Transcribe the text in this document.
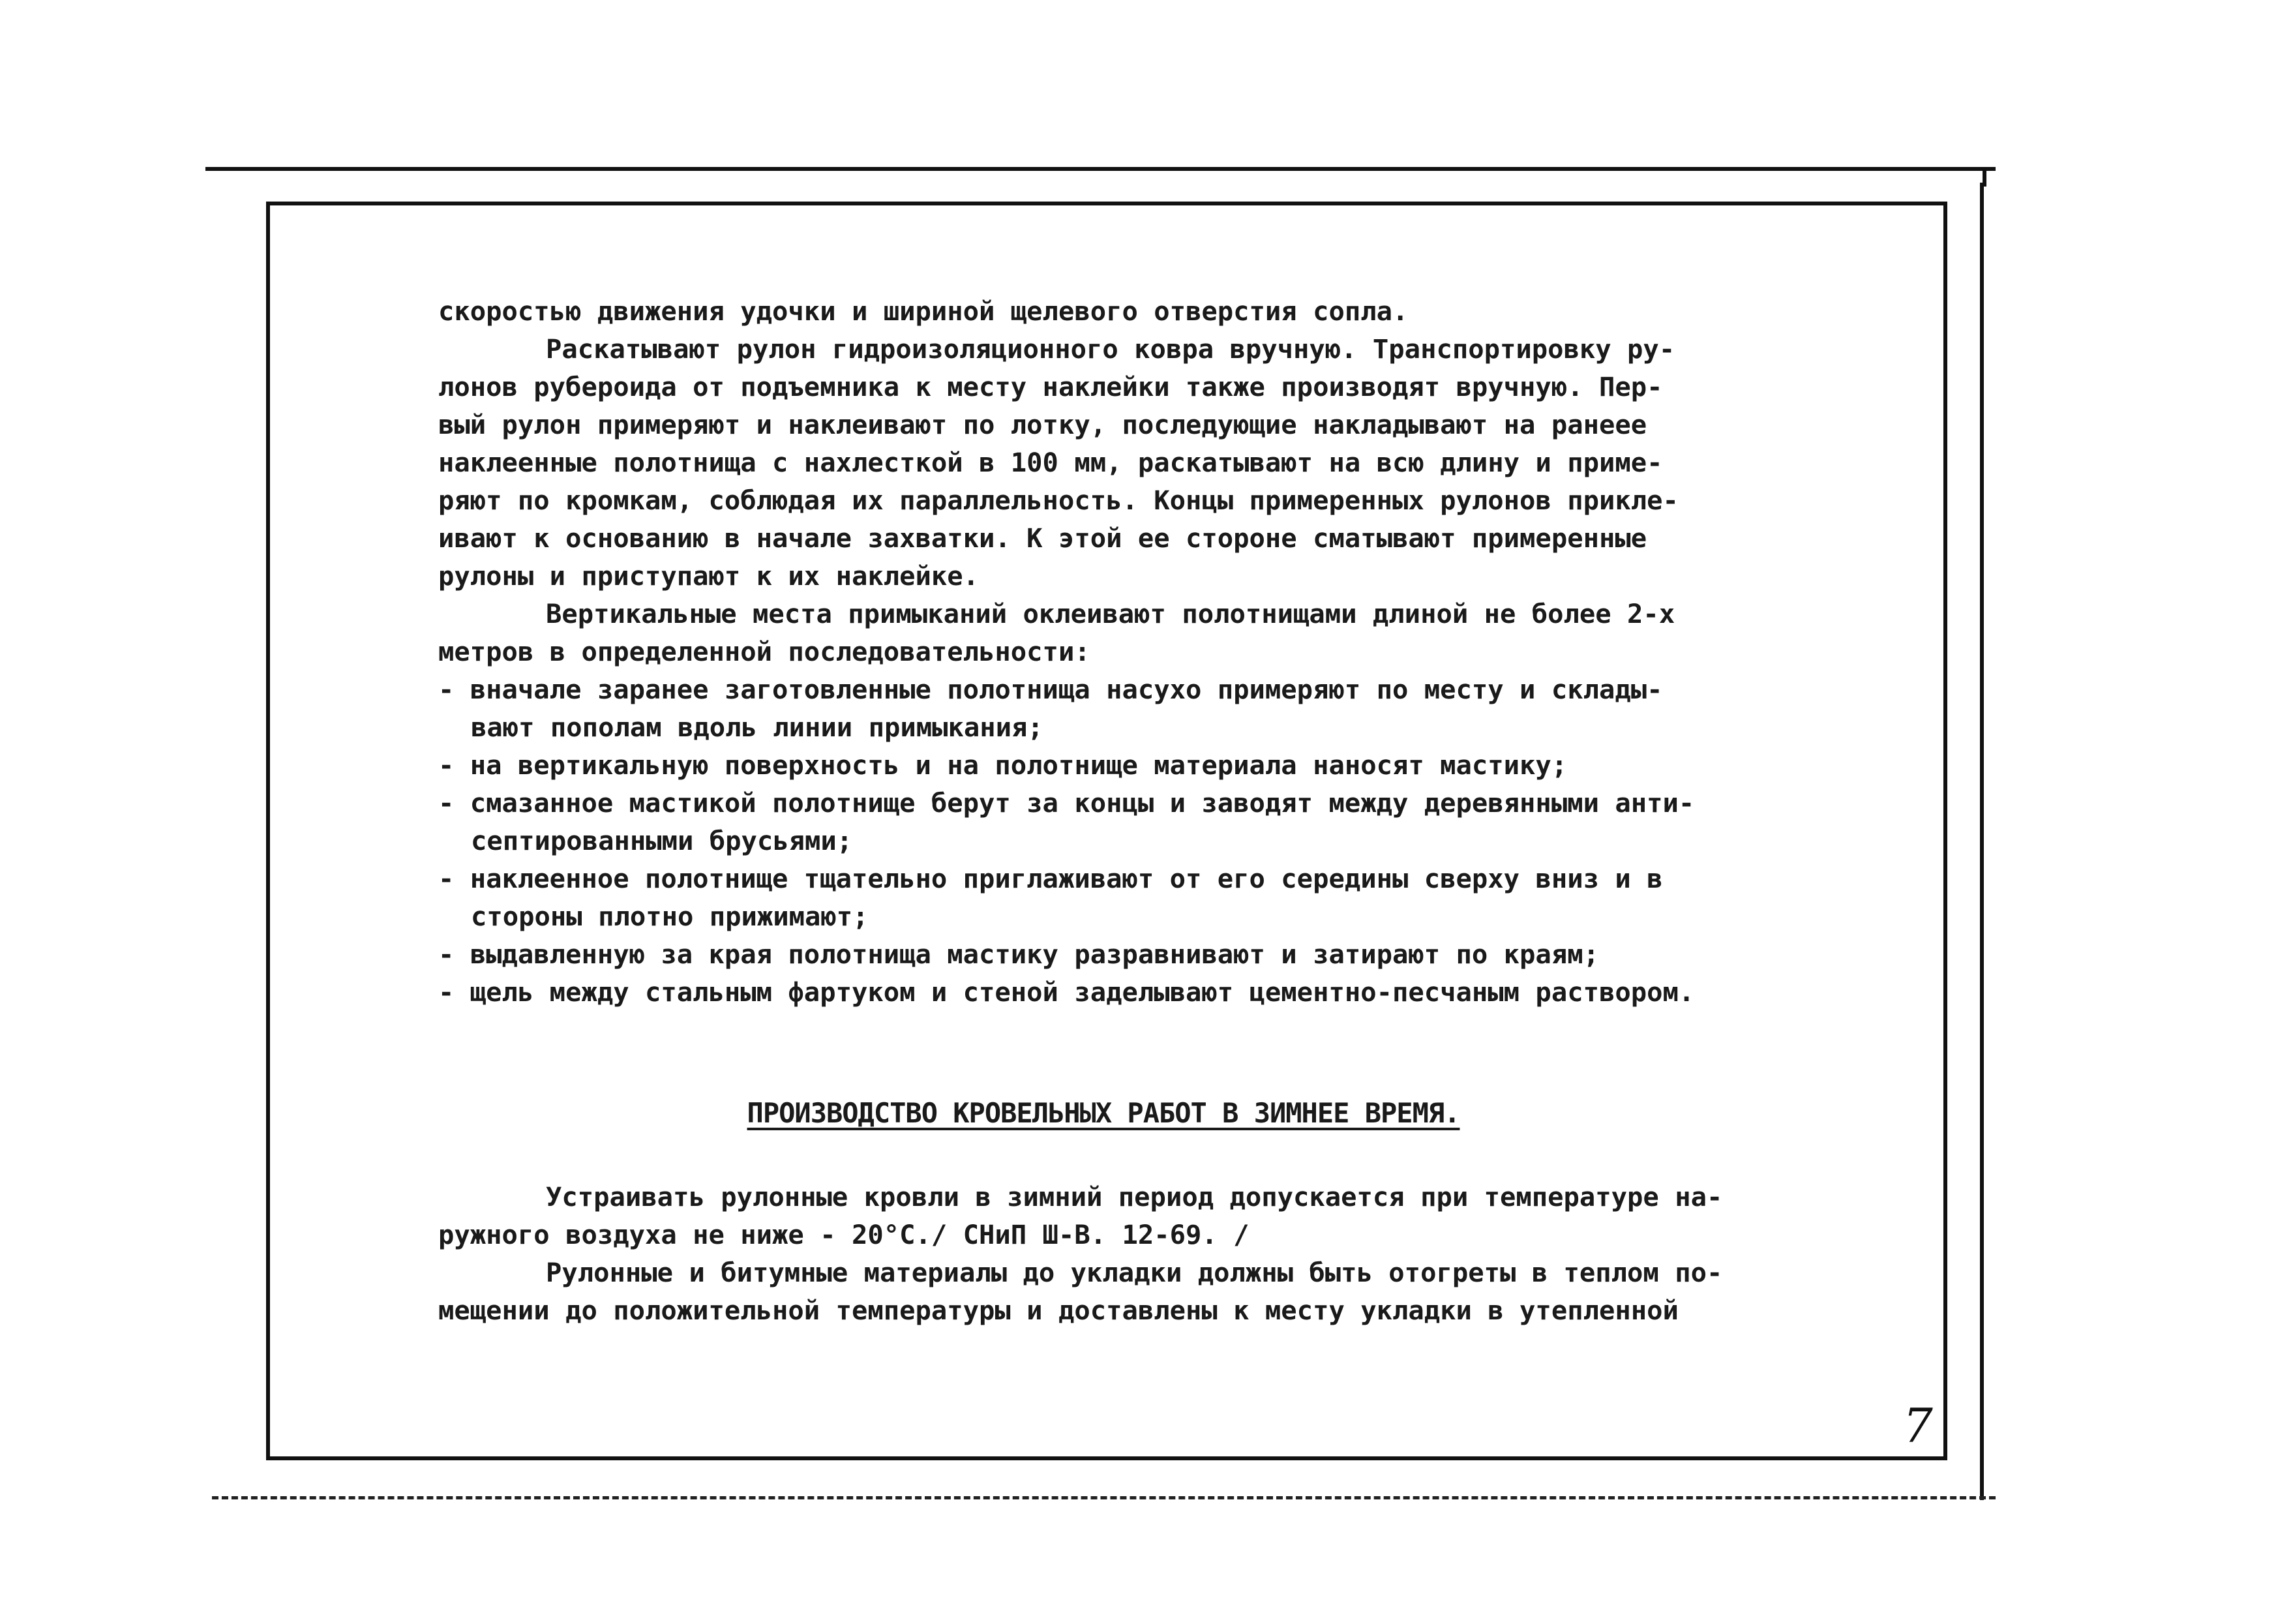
скоростью движения удочки и шириной щелевого отверстия сопла.
Раскатывают рулон гидроизоляционного ковра вручную. Транспортировку ру-
лонов рубероида от подъемника к месту наклейки также производят вручную. Пер-
вый рулон примеряют и наклеивают по лотку, последующие накладывают на ранеее
наклеенные полотнища с нахлесткой в 100 мм, раскатывают на всю длину и приме-
ряют по кромкам, соблюдая их параллельность. Концы примеренных рулонов прикле-
ивают к основанию в начале захватки. К этой ее стороне сматывают примеренные
рулоны и приступают к их наклейке.
Вертикальные места примыканий оклеивают полотнищами длиной не более 2-х
метров в определенной последовательности:
- вначале заранее заготовленные полотнища насухо примеряют по месту и склады-
вают пополам вдоль линии примыкания;
- на вертикальную поверхность и на полотнище материала наносят мастику;
- смазанное мастикой полотнище берут за концы и заводят между деревянными анти-
септированными брусьями;
- наклеенное полотнище тщательно приглаживают от его середины сверху вниз и в
стороны плотно прижимают;
- выдавленную за края полотнища мастику разравнивают и затирают по краям;
- щель между стальным фартуком и стеной заделывают цементно-песчаным раствором.
ПРОИЗВОДСТВО КРОВЕЛЬНЫХ РАБОТ В ЗИМНЕЕ ВРЕМЯ.
Устраивать рулонные кровли в зимний период допускается при температуре на-
ружного воздуха не ниже - 20°С./ СНиП Ш-В. 12-69. /
Рулонные и битумные материалы до укладки должны быть отогреты в теплом по-
мещении до положительной температуры и доставлены к месту укладки в утепленной
7
